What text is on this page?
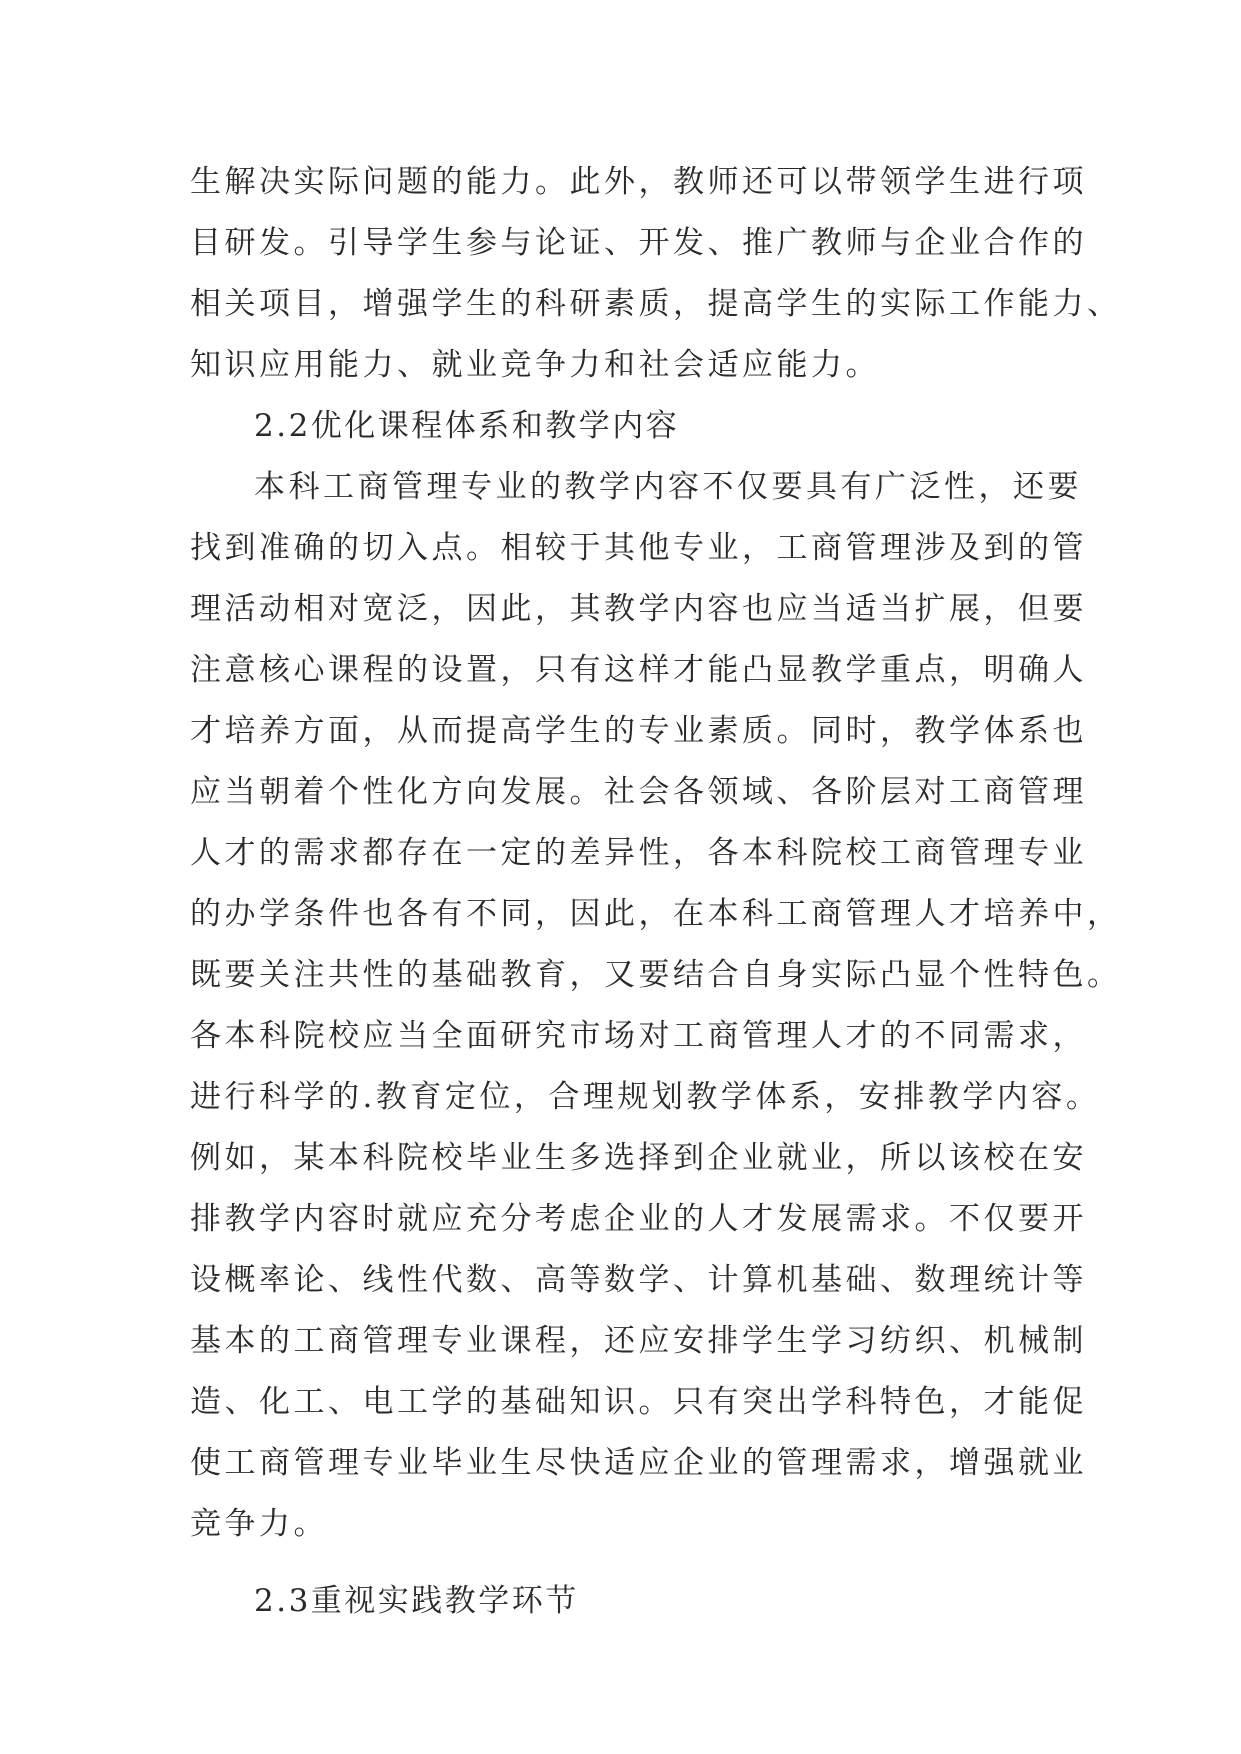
生解决实际问题的能力。此外，教师还可以带领学生进行项
目研发。引导学生参与论证、开发、推广教师与企业合作的
相关项目，增强学生的科研素质，提高学生的实际工作能力、
知识应用能力、就业竞争力和社会适应能力。
2.2优化课程体系和教学内容
本科工商管理专业的教学内容不仅要具有广泛性，还要
找到准确的切入点。相较于其他专业，工商管理涉及到的管
理活动相对宽泛，因此，其教学内容也应当适当扩展，但要
注意核心课程的设置，只有这样才能凸显教学重点，明确人
才培养方面，从而提高学生的专业素质。同时，教学体系也
应当朝着个性化方向发展。社会各领域、各阶层对工商管理
人才的需求都存在一定的差异性，各本科院校工商管理专业
的办学条件也各有不同，因此，在本科工商管理人才培养中，
既要关注共性的基础教育，又要结合自身实际凸显个性特色。
各本科院校应当全面研究市场对工商管理人才的不同需求，
进行科学的.教育定位，合理规划教学体系，安排教学内容。
例如，某本科院校毕业生多选择到企业就业，所以该校在安
排教学内容时就应充分考虑企业的人才发展需求。不仅要开
设概率论、线性代数、高等数学、计算机基础、数理统计等
基本的工商管理专业课程，还应安排学生学习纺织、机械制
造、化工、电工学的基础知识。只有突出学科特色，才能促
使工商管理专业毕业生尽快适应企业的管理需求，增强就业
竞争力。
2.3重视实践教学环节
